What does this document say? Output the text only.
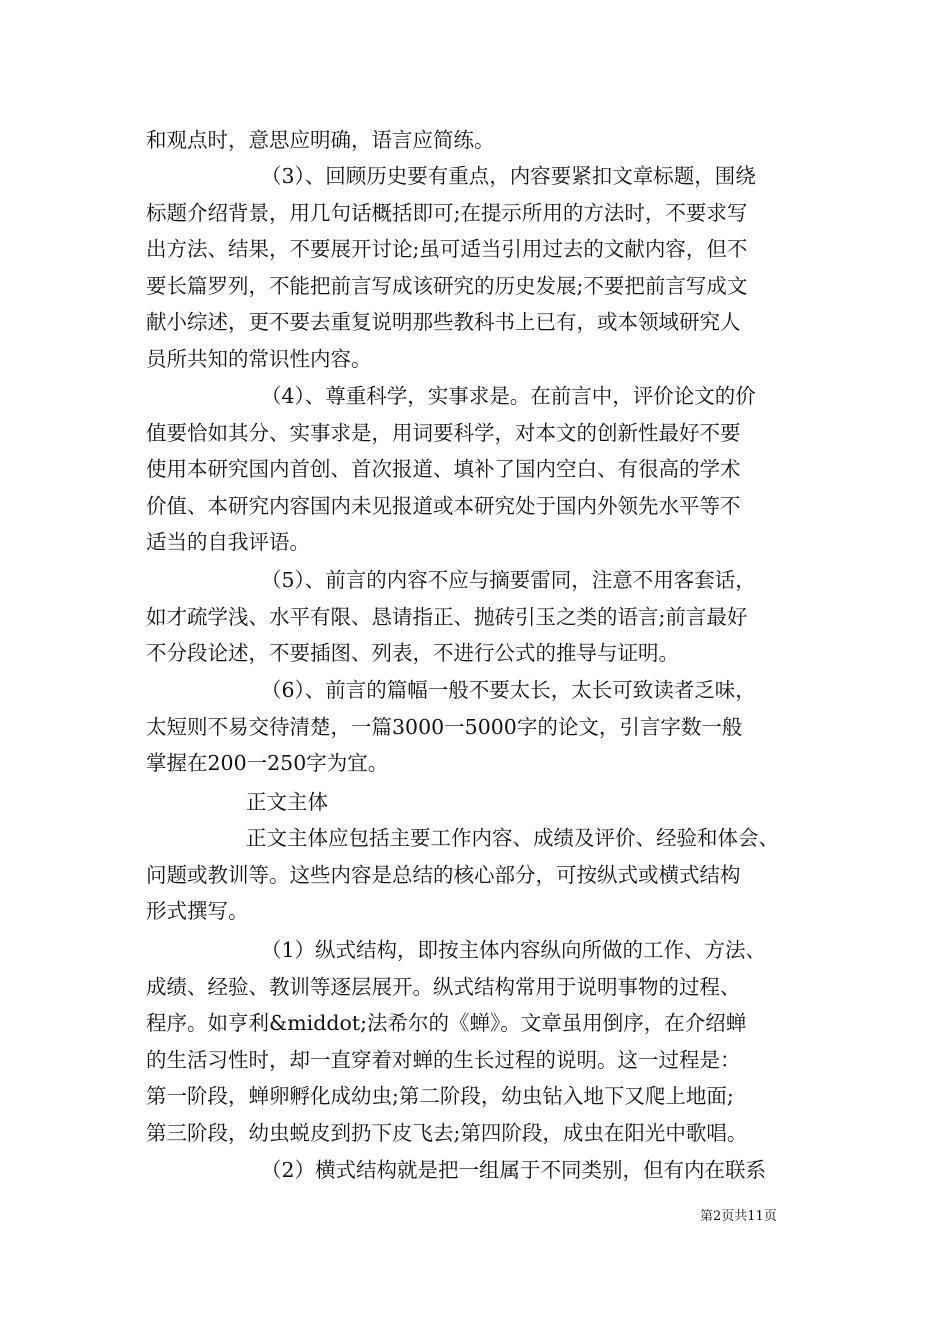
和观点时，意思应明确，语言应简练。
（3）、回顾历史要有重点，内容要紧扣文章标题，围绕
标题介绍背景，用几句话概括即可;在提示所用的方法时，不要求写
出方法、结果，不要展开讨论;虽可适当引用过去的文献内容，但不
要长篇罗列，不能把前言写成该研究的历史发展;不要把前言写成文
献小综述，更不要去重复说明那些教科书上已有，或本领域研究人
员所共知的常识性内容。
（4）、尊重科学，实事求是。在前言中，评价论文的价
值要恰如其分、实事求是，用词要科学，对本文的创新性最好不要
使用本研究国内首创、首次报道、填补了国内空白、有很高的学术
价值、本研究内容国内未见报道或本研究处于国内外领先水平等不
适当的自我评语。
（5）、前言的内容不应与摘要雷同，注意不用客套话，
如才疏学浅、水平有限、恳请指正、抛砖引玉之类的语言;前言最好
不分段论述，不要插图、列表，不进行公式的推导与证明。
（6）、前言的篇幅一般不要太长，太长可致读者乏味，
太短则不易交待清楚，一篇3000一5000字的论文，引言字数一般
掌握在200一250字为宜。
正文主体
正文主体应包括主要工作内容、成绩及评价、经验和体会、
问题或教训等。这些内容是总结的核心部分，可按纵式或横式结构
形式撰写。
（1）纵式结构，即按主体内容纵向所做的工作、方法、
成绩、经验、教训等逐层展开。纵式结构常用于说明事物的过程、
程序。如亨利&middot;法希尔的《蝉》。文章虽用倒序，在介绍蝉
的生活习性时，却一直穿着对蝉的生长过程的说明。这一过程是：
第一阶段，蝉卵孵化成幼虫;第二阶段，幼虫钻入地下又爬上地面;
第三阶段，幼虫蜕皮到扔下皮飞去;第四阶段，成虫在阳光中歌唱。
（2）横式结构就是把一组属于不同类别，但有内在联系
第2页共11页
